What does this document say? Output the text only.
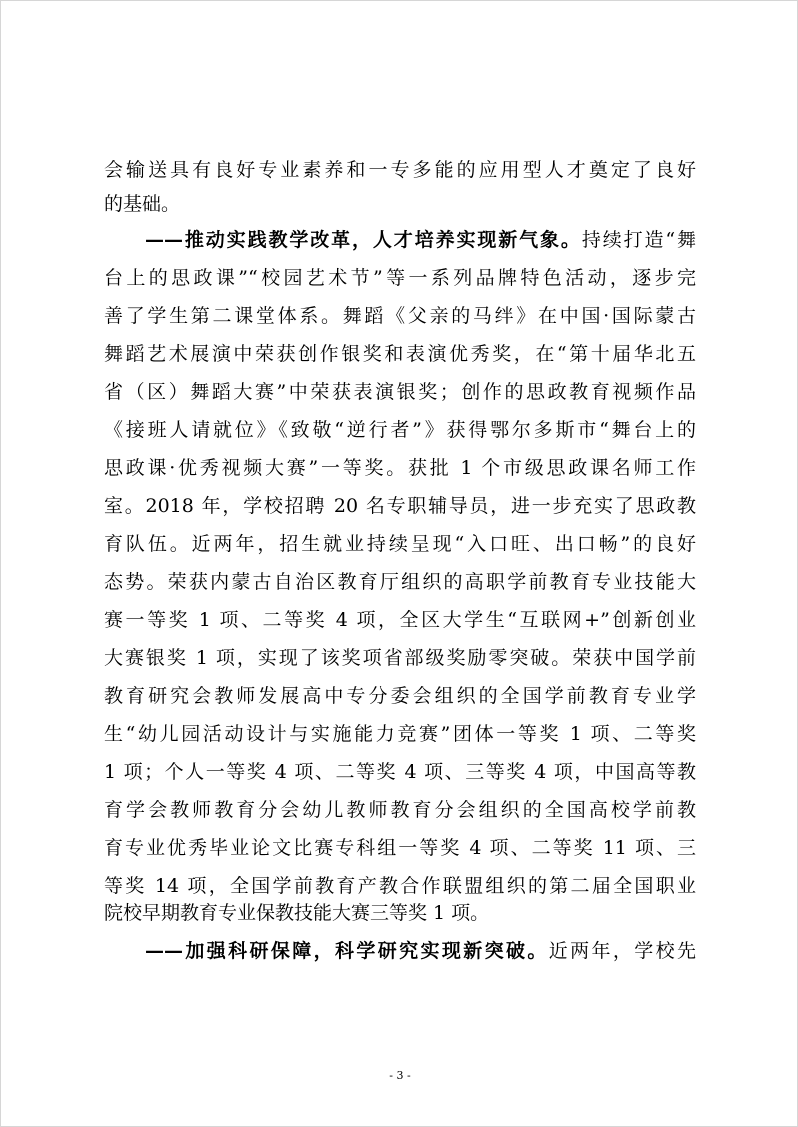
会输送具有良好专业素养和一专多能的应用型人才奠定了良好
的基础。
——推动实践教学改革，人才培养实现新气象。持续打造“舞
台上的思政课”“校园艺术节”等一系列品牌特色活动，逐步完
善了学生第二课堂体系。舞蹈《父亲的马绊》在中国·国际蒙古
舞蹈艺术展演中荣获创作银奖和表演优秀奖，在“第十届华北五
省（区）舞蹈大赛”中荣获表演银奖；创作的思政教育视频作品
《接班人请就位》《致敬“逆行者”》获得鄂尔多斯市“舞台上的
思政课·优秀视频大赛”一等奖。获批 1 个市级思政课名师工作
室。2018 年，学校招聘 20 名专职辅导员，进一步充实了思政教
育队伍。近两年，招生就业持续呈现“入口旺、出口畅”的良好
态势。荣获内蒙古自治区教育厅组织的高职学前教育专业技能大
赛一等奖 1 项、二等奖 4 项，全区大学生“互联网+”创新创业
大赛银奖 1 项，实现了该奖项省部级奖励零突破。荣获中国学前
教育研究会教师发展高中专分委会组织的全国学前教育专业学
生“幼儿园活动设计与实施能力竞赛”团体一等奖 1 项、二等奖
1 项；个人一等奖 4 项、二等奖 4 项、三等奖 4 项，中国高等教
育学会教师教育分会幼儿教师教育分会组织的全国高校学前教
育专业优秀毕业论文比赛专科组一等奖 4 项、二等奖 11 项、三
等奖 14 项，全国学前教育产教合作联盟组织的第二届全国职业
院校早期教育专业保教技能大赛三等奖 1 项。
——加强科研保障，科学研究实现新突破。近两年，学校先
- 3 -
